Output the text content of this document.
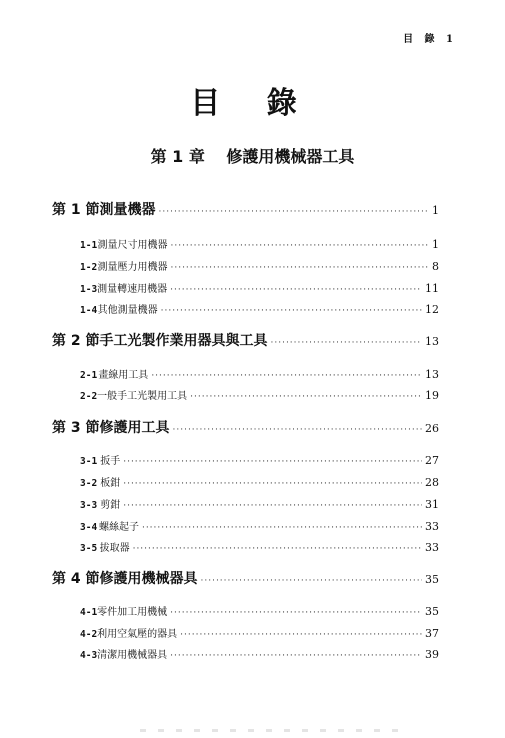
目 錄 1
目 錄
第 1 章 修護用機械器工具
第 1 節 測量機器 ·····	1
1-1 測量尺寸用機器 ·····	1
1-2 測量壓力用機器 ·····	8
1-3 測量轉速用機器 ·····	11
1-4 其他測量機器 ·····	12
第 2 節 手工光製作業用器具與工具 ·····	13
2-1 畫線用工具 ·····	13
2-2 一般手工光製用工具 ·····	19
第 3 節 修護用工具 ·····	26
3-1 扳手 ·····	27
3-2 板鉗 ·····	28
3-3 剪鉗 ·····	31
3-4 螺絲起子 ·····	33
3-5 拔取器 ·····	33
第 4 節 修護用機械器具 ·····	35
4-1 零件加工用機械 ·····	35
4-2 利用空氣壓的器具 ·····	37
4-3 清潔用機械器具 ·····	39
